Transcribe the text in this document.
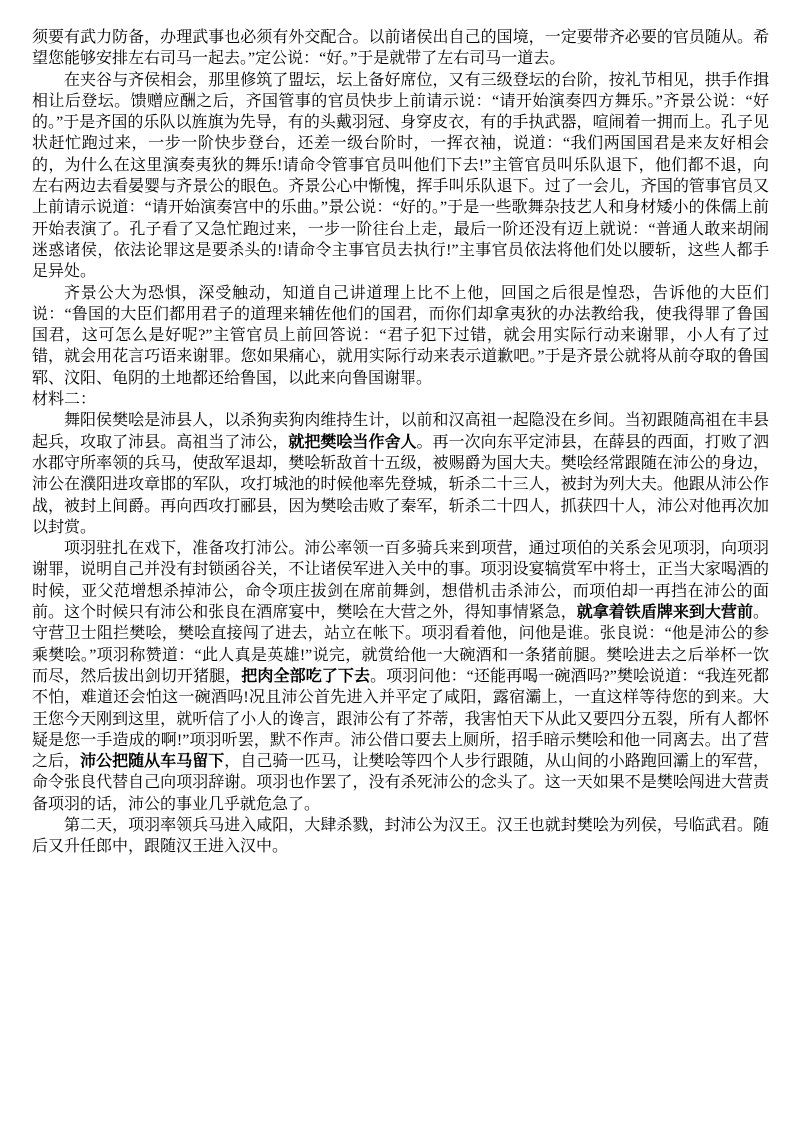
须要有武力防备，办理武事也必须有外交配合。以前诸侯出自己的国境，一定要带齐必要的官员随从。希望您能够安排左右司马一起去。”定公说：“好。”于是就带了左右司马一道去。

在夹谷与齐侯相会，那里修筑了盟坛，坛上备好席位，又有三级登坛的台阶，按礼节相见，拱手作揖相让后登坛。馈赠应酬之后，齐国管事的官员快步上前请示说：“请开始演奏四方舞乐。”齐景公说：“好的。”于是齐国的乐队以旌旗为先导，有的头戴羽冠、身穿皮衣，有的手执武器，喧闹着一拥而上。孔子见状赶忙跑过来，一步一阶快步登台，还差一级台阶时，一挥衣袖，说道：“我们两国国君是来友好相会的，为什么在这里演奏夷狄的舞乐!请命令管事官员叫他们下去!”主管官员叫乐队退下，他们都不退，向左右两边去看晏婴与齐景公的眼色。齐景公心中惭愧，挥手叫乐队退下。过了一会儿，齐国的管事官员又上前请示说道：“请开始演奏宫中的乐曲。”景公说：“好的。”于是一些歌舞杂技艺人和身材矮小的侏儒上前开始表演了。孔子看了又急忙跑过来，一步一阶往台上走，最后一阶还没有迈上就说：“普通人敢来胡闹迷惑诸侯，依法论罪这是要杀头的!请命令主事官员去执行!”主事官员依法将他们处以腰斩，这些人都手足异处。

齐景公大为恐惧，深受触动，知道自己讲道理上比不上他，回国之后很是惶恐，告诉他的大臣们说：“鲁国的大臣们都用君子的道理来辅佐他们的国君，而你们却拿夷狄的办法教给我，使我得罪了鲁国国君，这可怎么是好呢?”主管官员上前回答说：“君子犯下过错，就会用实际行动来谢罪，小人有了过错，就会用花言巧语来谢罪。您如果痛心，就用实际行动来表示道歉吧。”于是齐景公就将从前夺取的鲁国郓、汶阳、龟阴的土地都还给鲁国，以此来向鲁国谢罪。

材料二：

舞阳侯樊哙是沛县人，以杀狗卖狗肉维持生计，以前和汉高祖一起隐没在乡间。当初跟随高祖在丰县起兵，攻取了沛县。高祖当了沛公，就把樊哙当作舍人。再一次向东平定沛县，在薛县的西面，打败了泗水郡守所率领的兵马，使敌军退却，樊哙斩敌首十五级，被赐爵为国大夫。樊哙经常跟随在沛公的身边，沛公在濮阳进攻章邯的军队，攻打城池的时候他率先登城，斩杀二十三人，被封为列大夫。他跟从沛公作战，被封上间爵。再向西攻打郦县，因为樊哙击败了秦军，斩杀二十四人，抓获四十人，沛公对他再次加以封赏。

项羽驻扎在戏下，准备攻打沛公。沛公率领一百多骑兵来到项营，通过项伯的关系会见项羽，向项羽谢罪，说明自己并没有封锁函谷关，不让诸侯军进入关中的事。项羽设宴犒赏军中将士，正当大家喝酒的时候，亚父范增想杀掉沛公，命令项庄拔剑在席前舞剑，想借机击杀沛公，而项伯却一再挡在沛公的面前。这个时候只有沛公和张良在酒席宴中，樊哙在大营之外，得知事情紧急，就拿着铁盾牌来到大营前。守营卫士阻拦樊哙，樊哙直接闯了进去，站立在帐下。项羽看着他，问他是谁。张良说：“他是沛公的参乘樊哙。”项羽称赞道：“此人真是英雄!”说完，就赏给他一大碗酒和一条猪前腿。樊哙进去之后举杯一饮而尽，然后拔出剑切开猪腿，把肉全部吃了下去。项羽问他：“还能再喝一碗酒吗?”樊哙说道：“我连死都不怕，难道还会怕这一碗酒吗!况且沛公首先进入并平定了咸阳，露宿灞上，一直这样等待您的到来。大王您今天刚到这里，就听信了小人的谗言，跟沛公有了芥蒂，我害怕天下从此又要四分五裂，所有人都怀疑是您一手造成的啊!”项羽听罢，默不作声。沛公借口要去上厕所，招手暗示樊哙和他一同离去。出了营之后，沛公把随从车马留下，自己骑一匹马，让樊哙等四个人步行跟随，从山间的小路跑回灞上的军营，命令张良代替自己向项羽辞谢。项羽也作罢了，没有杀死沛公的念头了。这一天如果不是樊哙闯进大营责备项羽的话，沛公的事业几乎就危急了。

第二天，项羽率领兵马进入咸阳，大肆杀戮，封沛公为汉王。汉王也就封樊哙为列侯，号临武君。随后又升任郎中，跟随汉王进入汉中。
